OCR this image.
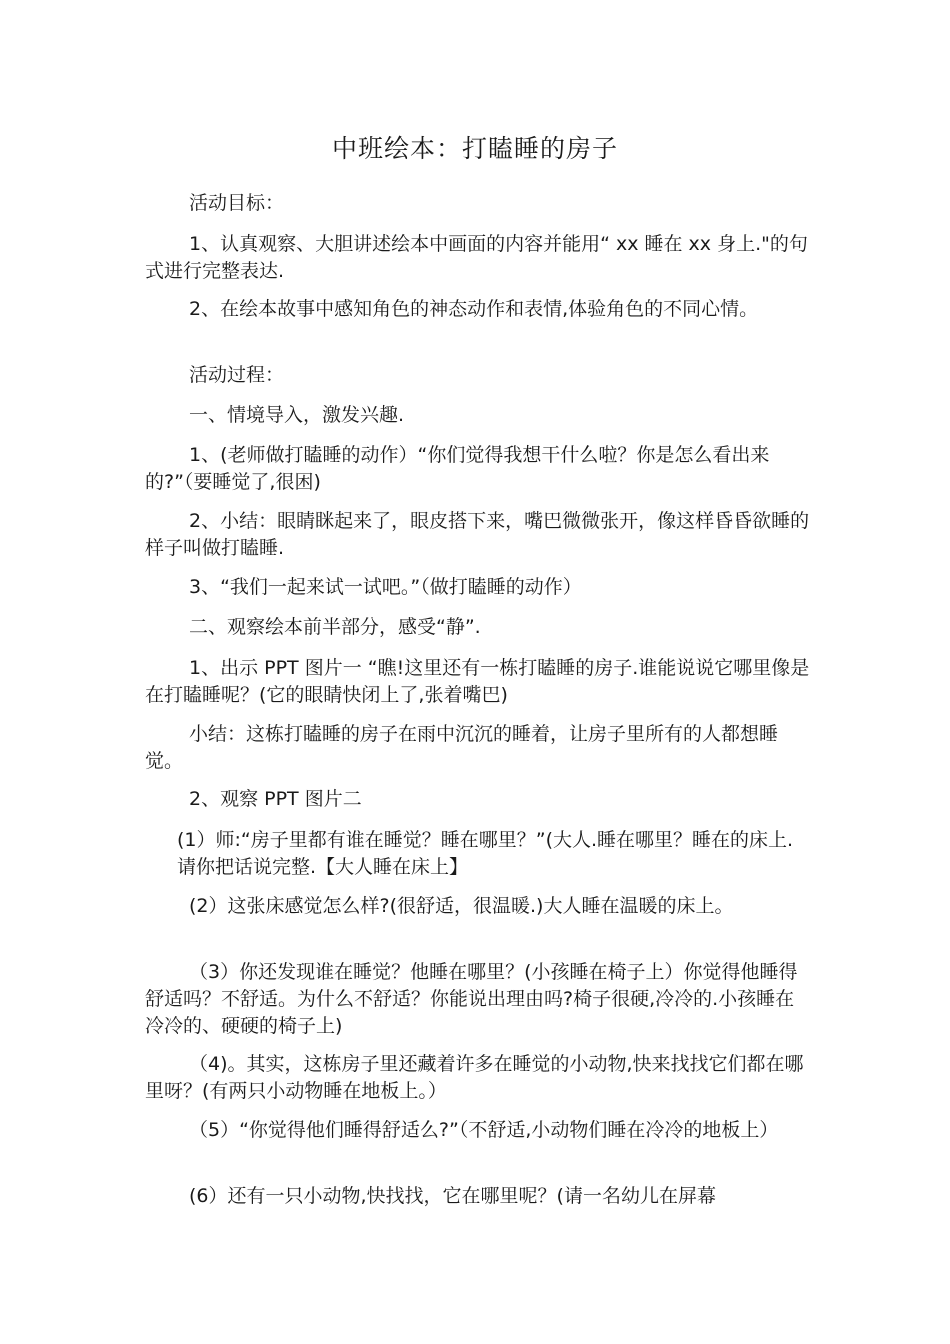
中班绘本：打瞌睡的房子

活动目标：

1、认真观察、大胆讲述绘本中画面的内容并能用“ xx 睡在 xx 身上."的句式进行完整表达.

2、在绘本故事中感知角色的神态动作和表情,体验角色的不同心情。

活动过程：

一、情境导入，激发兴趣.

1、(老师做打瞌睡的动作）“你们觉得我想干什么啦？你是怎么看出来的?”（要睡觉了,很困)

2、小结：眼睛眯起来了，眼皮搭下来，嘴巴微微张开，像这样昏昏欲睡的样子叫做打瞌睡.

3、“我们一起来试一试吧。”（做打瞌睡的动作）

二、观察绘本前半部分，感受“静”.

1、出示 PPT 图片一 “瞧!这里还有一栋打瞌睡的房子.谁能说说它哪里像是在打瞌睡呢？(它的眼睛快闭上了,张着嘴巴)

小结：这栋打瞌睡的房子在雨中沉沉的睡着，让房子里所有的人都想睡觉。

2、观察 PPT 图片二

(1）师:“房子里都有谁在睡觉？睡在哪里？”(大人.睡在哪里？睡在的床上.请你把话说完整.【大人睡在床上】

(2）这张床感觉怎么样?(很舒适，很温暖.)大人睡在温暖的床上。

（3）你还发现谁在睡觉？他睡在哪里？(小孩睡在椅子上）你觉得他睡得舒适吗？不舒适。为什么不舒适？你能说出理由吗?椅子很硬,冷冷的.小孩睡在冷冷的、硬硬的椅子上)

（4)。其实，这栋房子里还藏着许多在睡觉的小动物,快来找找它们都在哪里呀？(有两只小动物睡在地板上。）

（5）“你觉得他们睡得舒适么?”（不舒适,小动物们睡在冷冷的地板上）

(6）还有一只小动物,快找找，它在哪里呢？(请一名幼儿在屏幕
